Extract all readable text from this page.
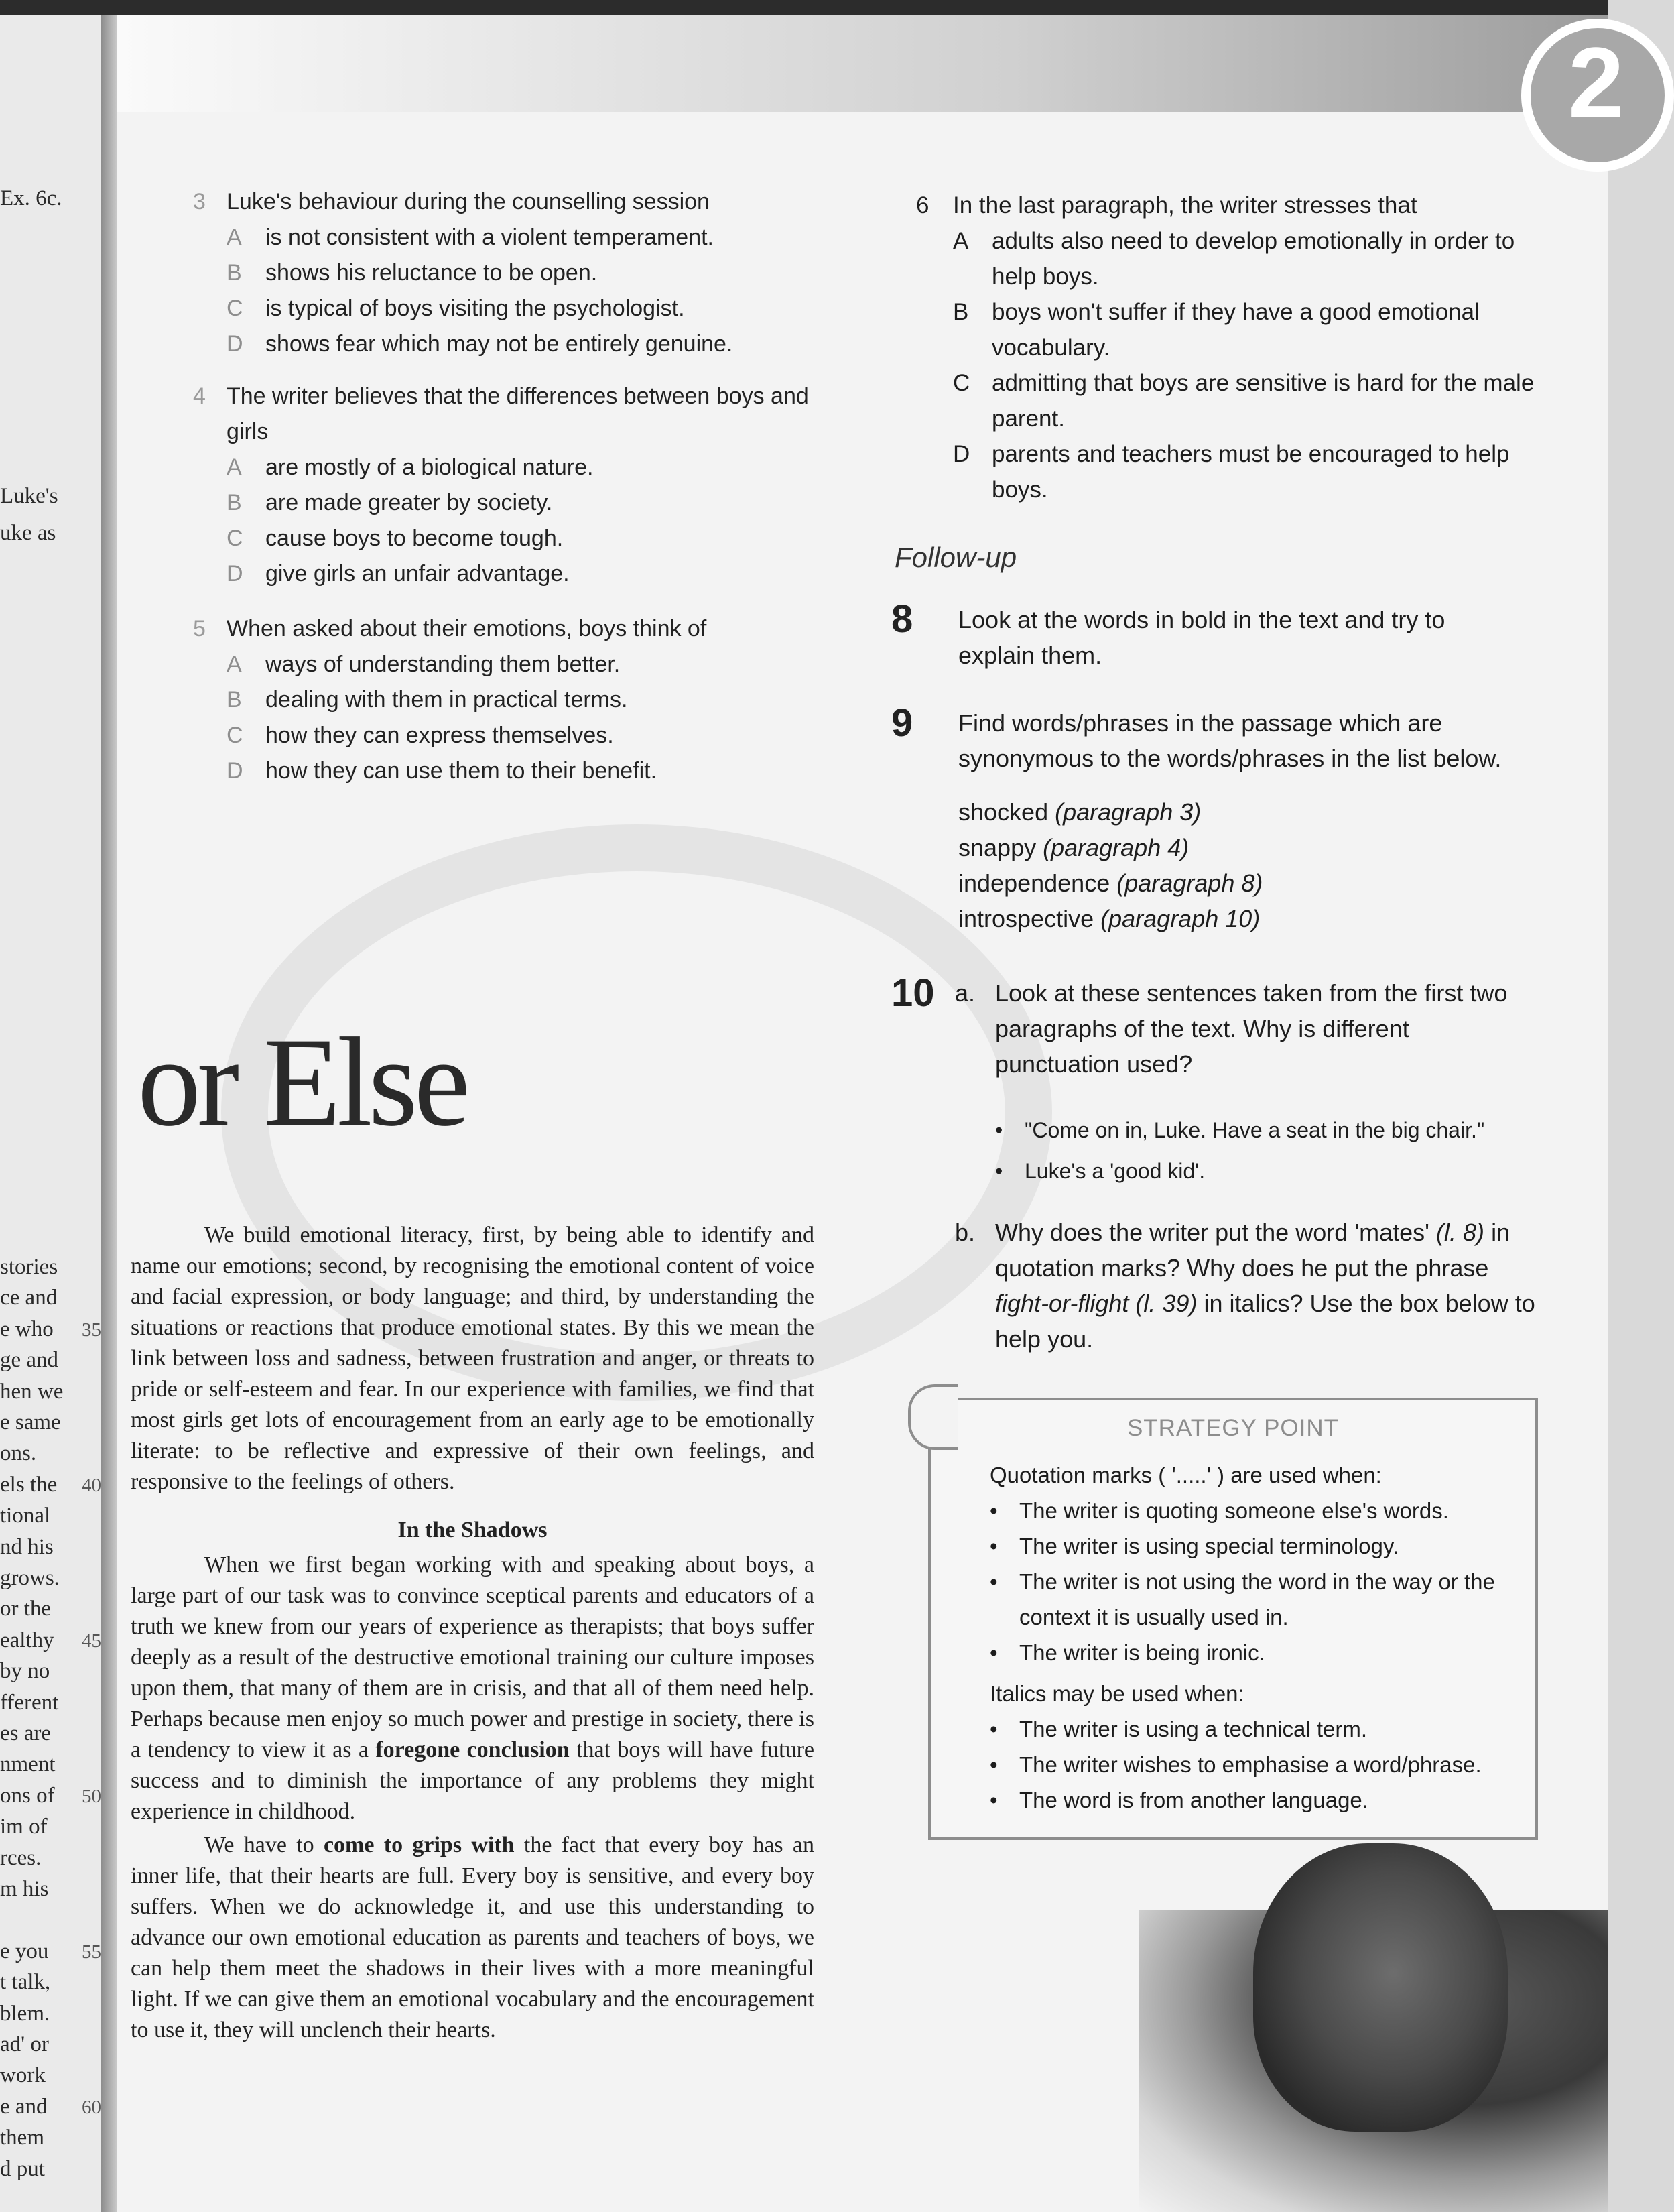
2
Ex. 6c.
Luke's
uke as
stories
ce and
e who
ge and
hen we
e same
ons.
els the
tional
nd his
grows.
or the
ealthy
by no
fferent
es are
nment
ons of
im of
rces.
m his
e you
t talk,
blem.
ad' or
work
e and
them
d put
35
40
45
50
55
60
3 Luke's behaviour during the counselling session
A is not consistent with a violent temperament.
B shows his reluctance to be open.
C is typical of boys visiting the psychologist.
D shows fear which may not be entirely genuine.
4 The writer believes that the differences between boys and girls
A are mostly of a biological nature.
B are made greater by society.
C cause boys to become tough.
D give girls an unfair advantage.
5 When asked about their emotions, boys think of
A ways of understanding them better.
B dealing with them in practical terms.
C how they can express themselves.
D how they can use them to their benefit.
6 In the last paragraph, the writer stresses that
A adults also need to develop emotionally in order to help boys.
B boys won't suffer if they have a good emotional vocabulary.
C admitting that boys are sensitive is hard for the male parent.
D parents and teachers must be encouraged to help boys.
Follow-up
8 Look at the words in bold in the text and try to explain them.
9 Find words/phrases in the passage which are synonymous to the words/phrases in the list below.
shocked (paragraph 3)
snappy (paragraph 4)
independence (paragraph 8)
introspective (paragraph 10)
10 a. Look at these sentences taken from the first two paragraphs of the text. Why is different punctuation used?
• "Come on in, Luke. Have a seat in the big chair."
• Luke's a 'good kid'.
b. Why does the writer put the word 'mates' (l. 8) in quotation marks? Why does he put the phrase fight-or-flight (l. 39) in italics? Use the box below to help you.
STRATEGY POINT
Quotation marks ( '.....' ) are used when:
• The writer is quoting someone else's words.
• The writer is using special terminology.
• The writer is not using the word in the way or the context it is usually used in.
• The writer is being ironic.
Italics may be used when:
• The writer is using a technical term.
• The writer wishes to emphasise a word/phrase.
• The word is from another language.
or Else

We build emotional literacy, first, by being able to identify and name our emotions; second, by recognising the emotional content of voice and facial expression, or body language; and third, by understanding the situations or reactions that produce emotional states. By this we mean the link between loss and sadness, between frustration and anger, or threats to pride or self-esteem and fear. In our experience with families, we find that most girls get lots of encouragement from an early age to be emotionally literate: to be reflective and expressive of their own feelings, and responsive to the feelings of others.

In the Shadows

When we first began working with and speaking about boys, a large part of our task was to convince sceptical parents and educators of a truth we knew from our years of experience as therapists; that boys suffer deeply as a result of the destructive emotional training our culture imposes upon them, that many of them are in crisis, and that all of them need help. Perhaps because men enjoy so much power and prestige in society, there is a tendency to view it as a foregone conclusion that boys will have future success and to diminish the importance of any problems they might experience in childhood.

We have to come to grips with the fact that every boy has an inner life, that their hearts are full. Every boy is sensitive, and every boy suffers. When we do acknowledge it, and use this understanding to advance our own emotional education as parents and teachers of boys, we can help them meet the shadows in their lives with a more meaningful light. If we can give them an emotional vocabulary and the encouragement to use it, they will unclench their hearts.
